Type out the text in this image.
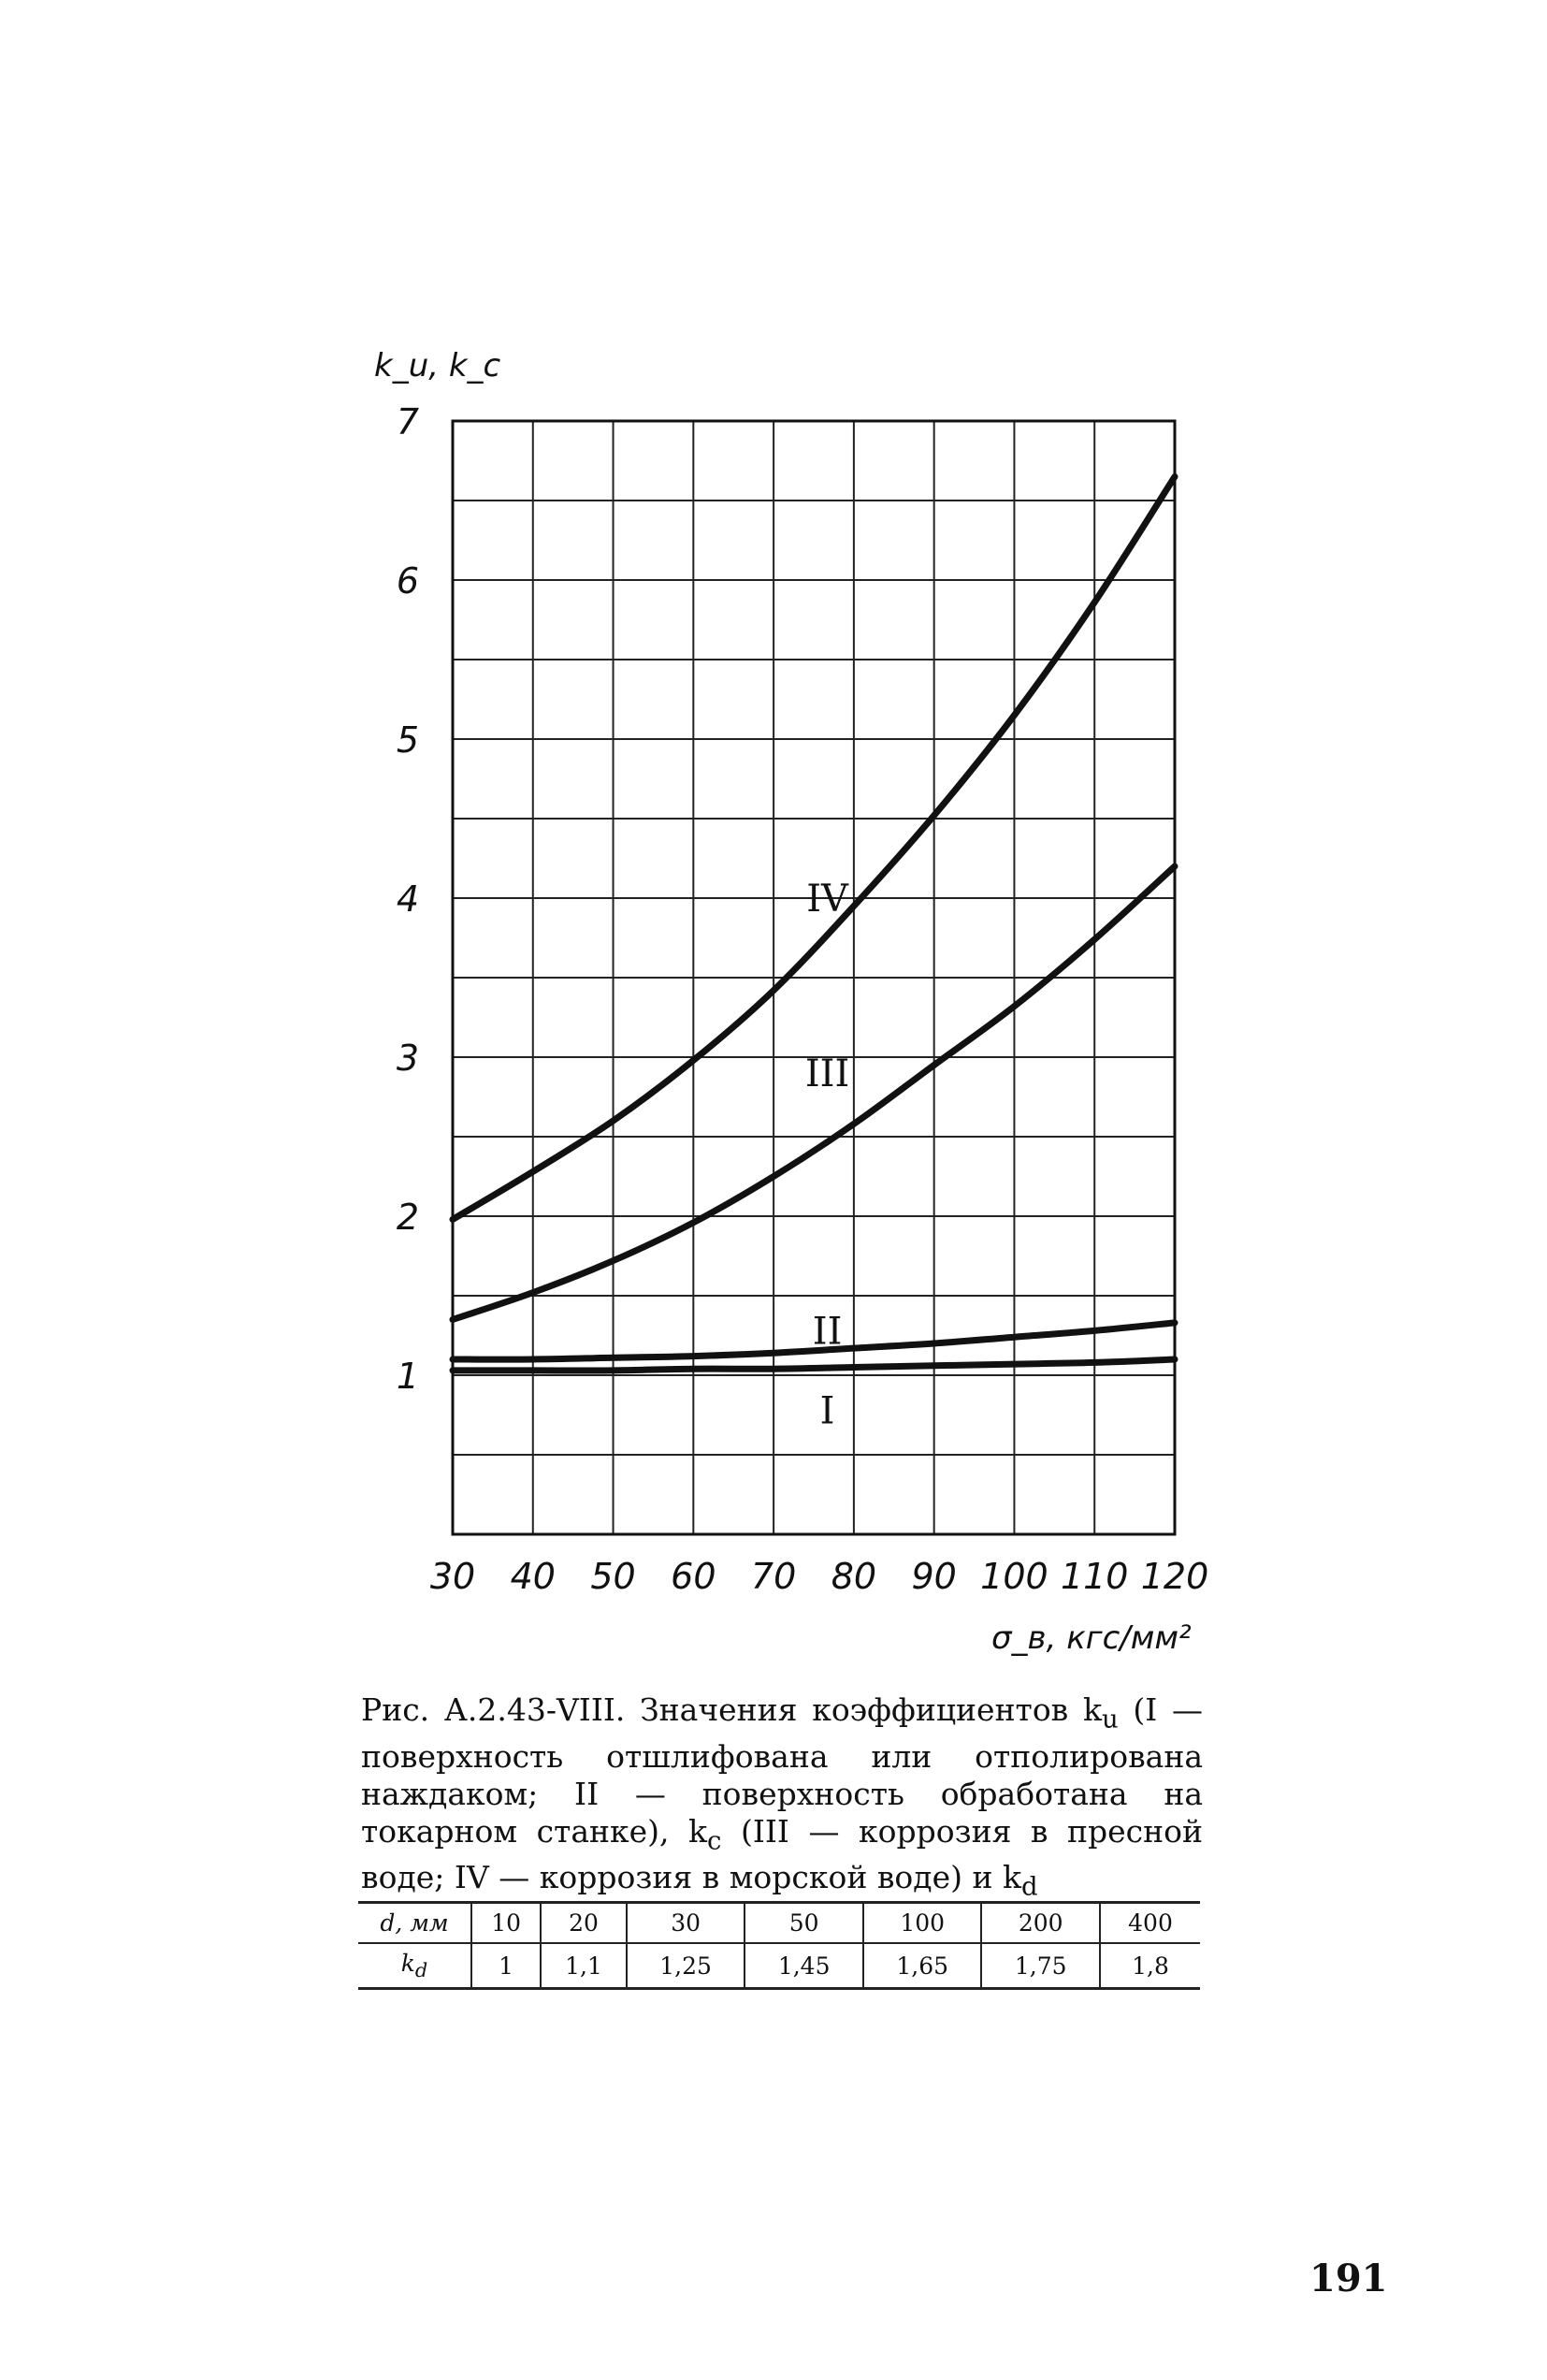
30 40 50 60 70 80 90 100 110 120
1
2
3
4
5
6
7
k_u, k_c
σ_в, кгс/мм²
I
II
III
IV
Рис. А.2.43-VIII. Значения коэффициентов $k_u$ (I — поверхность отшлифована или отполирована наждаком; II — поверхность обработана на токарном станке), $k_c$ (III — коррозия в пресной воде; IV — коррозия в морской воде) и $k_d$
d, мм	10	20	30	50	100	200	400
$k_d$	1	1,1	1,25	1,45	1,65	1,75	1,8
191
